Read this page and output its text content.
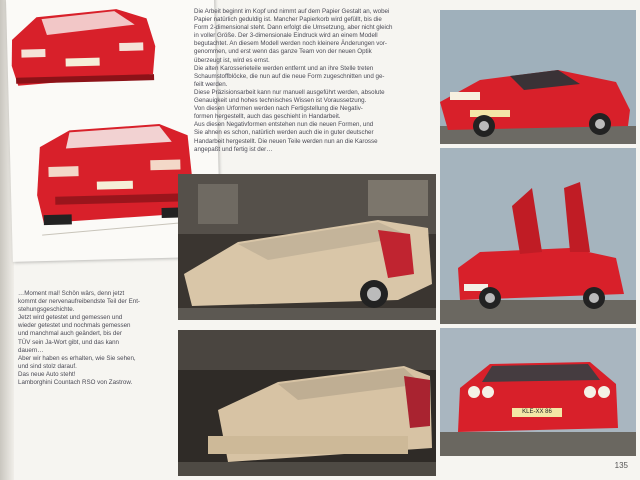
Die Arbeit beginnt im Kopf und nimmt auf dem Papier Gestalt an, wobei
Papier natürlich geduldig ist. Mancher Papierkorb wird gefüllt, bis die
Form 2-dimensional steht. Dann erfolgt die Umsetzung, aber nicht gleich
in voller Größe. Der 3-dimensionale Eindruck wird an einem Modell
begutachtet. An diesem Modell werden noch kleinere Änderungen vor-
genommen, und erst wenn das ganze Team von der neuen Optik
überzeugt ist, wird es ernst.
Die alten Karosserieteile werden entfernt und an ihre Stelle treten
Schaumstoffblöcke, die nun auf die neue Form zugeschnitten und ge-
feilt werden.
Diese Präzisionsarbeit kann nur manuell ausgeführt werden, absolute
Genauigkeit und hohes technisches Wissen ist Voraussetzung.
Von diesen Urformen werden nach Fertigstellung die Negativ-
formen hergestellt, auch das geschieht in Handarbeit.
Aus diesen Negativformen entstehen nun die neuen Formen, und
Sie ahnen es schon, natürlich werden auch die in guter deutscher
Handarbeit hergestellt. Die neuen Teile werden nun an die Karosse
angepaßt und fertig ist der…
KLE-XX 86
…Moment mal! Schön wärs, denn jetzt
kommt der nervenaufreibendste Teil der Ent-
stehungsgeschichte.
Jetzt wird getestet und gemessen und
wieder getestet und nochmals gemessen
und manchmal auch geändert, bis der
TÜV sein Ja-Wort gibt, und das kann
dauern…
Aber wir haben es erhalten, wie Sie sehen,
und sind stolz darauf.
Das neue Auto steht!
Lamborghini Countach RSO von Zastrow.
135
